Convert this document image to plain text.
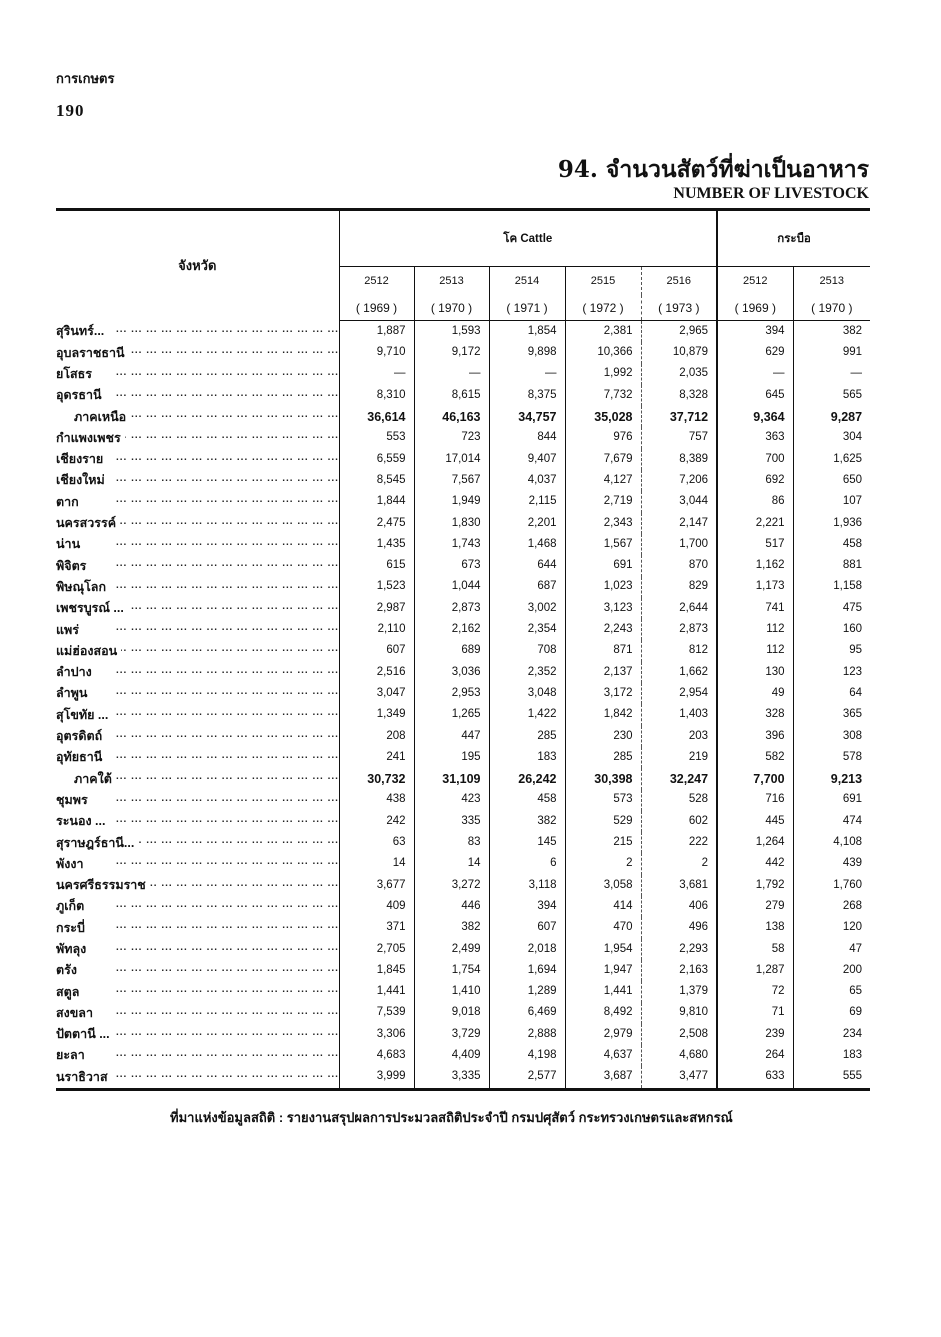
การเกษตร
190
94. จำนวนสัตว์ที่ฆ่าเป็นอาหาร
NUMBER OF LIVESTOCK
จังหวัด	โค Cattle					กระบือ	
	2512	2513	2514	2515	2516	2512	2513
	( 1969 )	( 1970 )	( 1971 )	( 1972 )	( 1973 )	( 1969 )	( 1970 )
สุรินทร์... ... .	1,887	1,593	1,854	2,381	2,965	394	382
อุบลราชธานี ... .	9,710	9,172	9,898	10,366	10,879	629	991
ยโสธร ... .	—	—	—	1,992	2,035	—	—
อุดรธานี ... .	8,310	8,615	8,375	7,732	8,328	645	565
ภาคเหนือ ... .	36,614	46,163	34,757	35,028	37,712	9,364	9,287
กำแพงเพชร ... .	553	723	844	976	757	363	304
เชียงราย ... .	6,559	17,014	9,407	7,679	8,389	700	1,625
เชียงใหม่ ... .	8,545	7,567	4,037	4,127	7,206	692	650
ตาก ... .	1,844	1,949	2,115	2,719	3,044	86	107
นครสวรรค์ ... .	2,475	1,830	2,201	2,343	2,147	2,221	1,936
น่าน ... .	1,435	1,743	1,468	1,567	1,700	517	458
พิจิตร ... .	615	673	644	691	870	1,162	881
พิษณุโลก ... .	1,523	1,044	687	1,023	829	1,173	1,158
เพชรบูรณ์ ... ... .	2,987	2,873	3,002	3,123	2,644	741	475
แพร่ ... .	2,110	2,162	2,354	2,243	2,873	112	160
แม่ฮ่องสอน ... .	607	689	708	871	812	112	95
ลำปาง ... .	2,516	3,036	2,352	2,137	1,662	130	123
ลำพูน ... .	3,047	2,953	3,048	3,172	2,954	49	64
สุโขทัย ... ... .	1,349	1,265	1,422	1,842	1,403	328	365
อุตรดิตถ์ ... .	208	447	285	230	203	396	308
อุทัยธานี ... .	241	195	183	285	219	582	578
ภาคใต้ ... .	30,732	31,109	26,242	30,398	32,247	7,700	9,213
ชุมพร ... .	438	423	458	573	528	716	691
ระนอง ... ... .	242	335	382	529	602	445	474
สุราษฎร์ธานี... ... .	63	83	145	215	222	1,264	4,108
พังงา ... .	14	14	6	2	2	442	439
นครศรีธรรมราช ... .	3,677	3,272	3,118	3,058	3,681	1,792	1,760
ภูเก็ต ... .	409	446	394	414	406	279	268
กระบี่ ... .	371	382	607	470	496	138	120
พัทลุง ... .	2,705	2,499	2,018	1,954	2,293	58	47
ตรัง ... .	1,845	1,754	1,694	1,947	2,163	1,287	200
สตูล ... .	1,441	1,410	1,289	1,441	1,379	72	65
สงขลา ... .	7,539	9,018	6,469	8,492	9,810	71	69
ปัตตานี ... ... .	3,306	3,729	2,888	2,979	2,508	239	234
ยะลา ... .	4,683	4,409	4,198	4,637	4,680	264	183
นราธิวาส ... .	3,999	3,335	2,577	3,687	3,477	633	555
ที่มาแห่งข้อมูลสถิติ : รายงานสรุปผลการประมวลสถิติประจำปี กรมปศุสัตว์ กระทรวงเกษตรและสหกรณ์
